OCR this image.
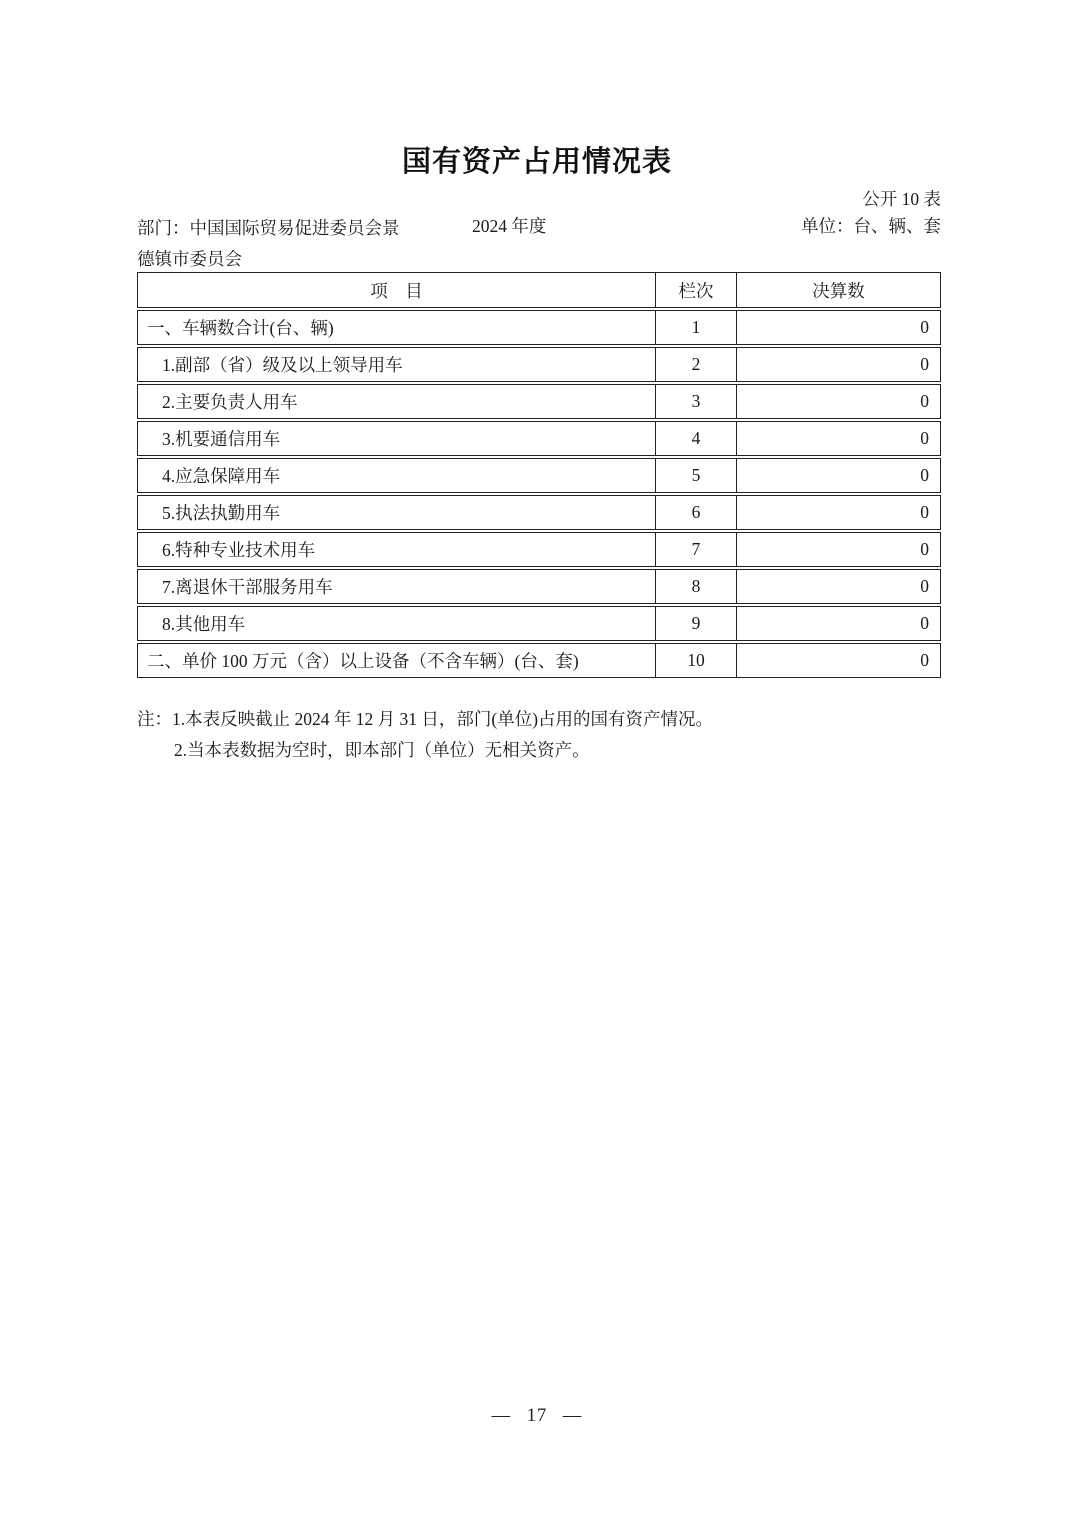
国有资产占用情况表
公开 10 表
部门：中国国际贸易促进委员会景德镇市委员会
2024 年度	单位：台、辆、套
项　目	栏次	决算数
一、车辆数合计(台、辆)	1	0
1.副部（省）级及以上领导用车	2	0
2.主要负责人用车	3	0
3.机要通信用车	4	0
4.应急保障用车	5	0
5.执法执勤用车	6	0
6.特种专业技术用车	7	0
7.离退休干部服务用车	8	0
8.其他用车	9	0
二、单价 100 万元（含）以上设备（不含车辆）(台、套)	10	0
注：1.本表反映截止 2024 年 12 月 31 日，部门(单位)占用的国有资产情况。
2.当本表数据为空时，即本部门（单位）无相关资产。
— 17 —
